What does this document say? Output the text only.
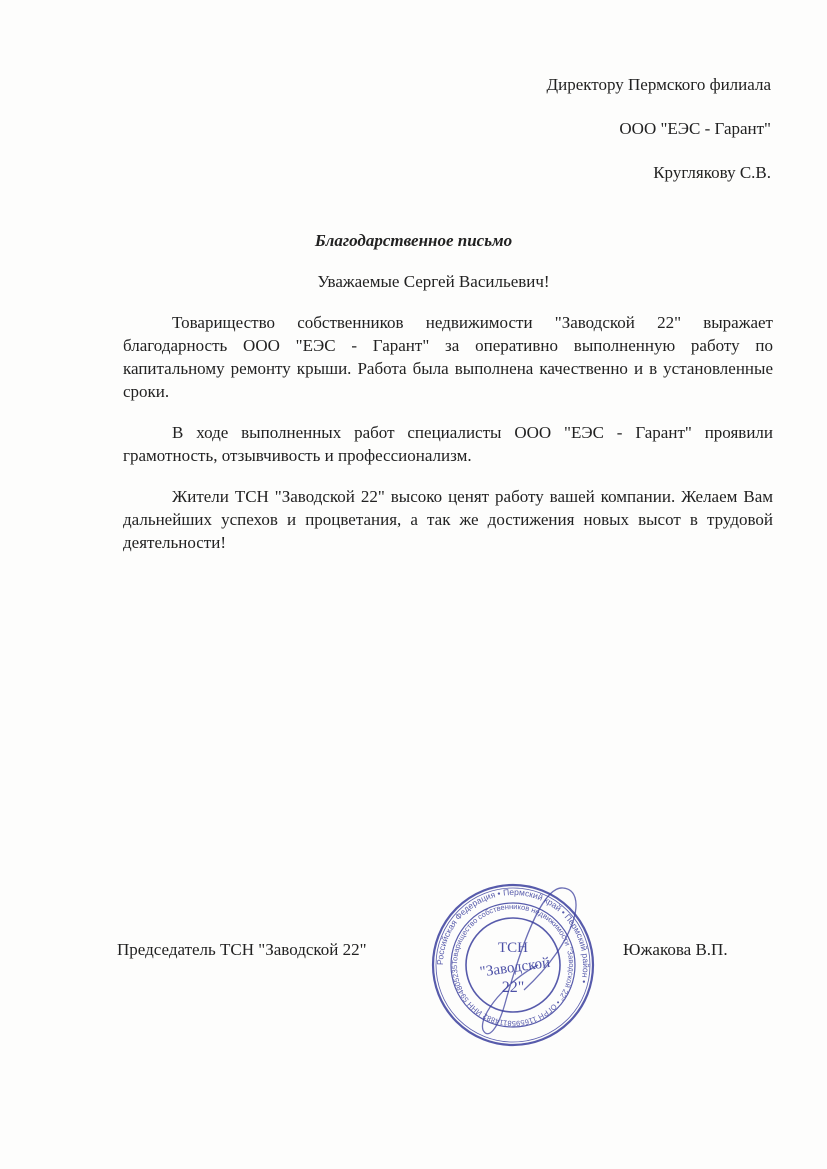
Директору Пермского филиала
ООО "ЕЭС - Гарант"
Круглякову С.В.
Благодарственное письмо
Уважаемые Сергей Васильевич!

Товарищество собственников недвижимости "Заводской 22" выражает благодарность ООО "ЕЭС - Гарант" за оперативно выполненную работу по капитальному ремонту крыши. Работа была выполнена качественно и в установленные сроки.

В ходе выполненных работ специалисты ООО "ЕЭС - Гарант" проявили грамотность, отзывчивость и профессионализм.

Жители ТСН "Заводской 22" высоко ценят работу вашей компании. Желаем Вам дальнейших успехов и процветания, а так же достижения новых высот в трудовой деятельности!

Председатель ТСН "Заводской 22"
Российская Федерация • Пермский край • Пермский район •
Товарищество собственников недвижимости "Заводской 22" • ОГРН 1165958114882 ИНН 594805235
ТСН
"Заводской
22"
Южакова В.П.
